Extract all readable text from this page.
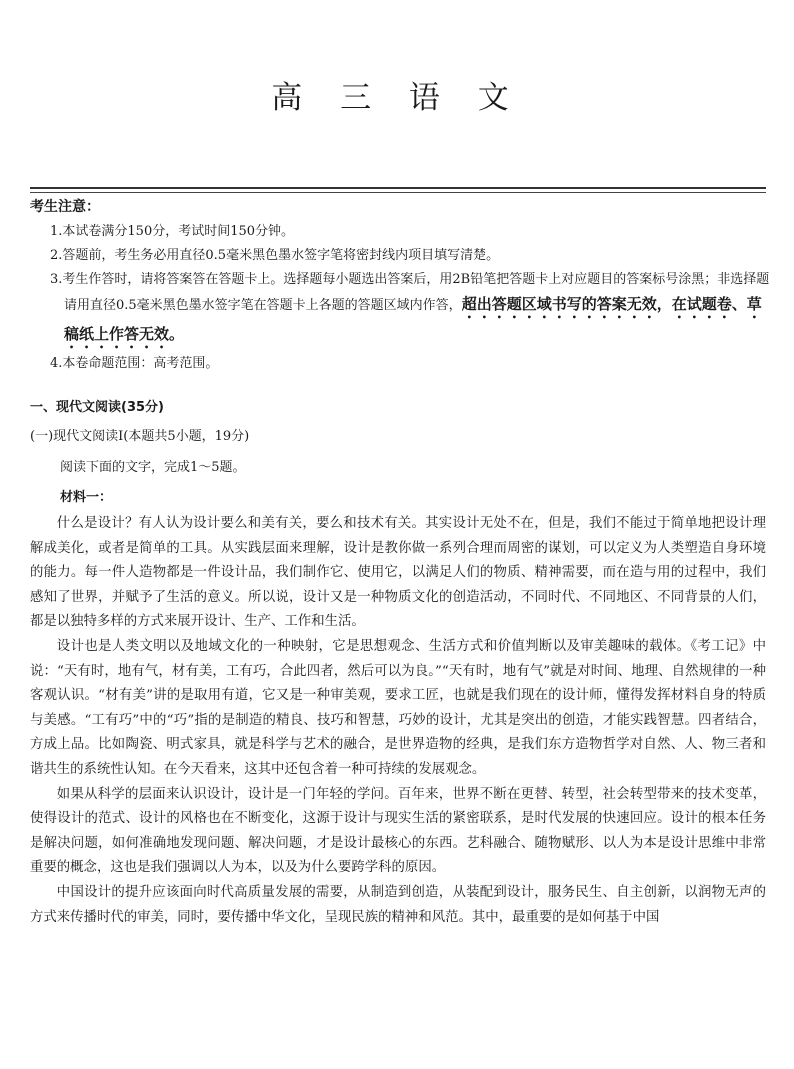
高 三 语 文
考生注意：
1.本试卷满分150分，考试时间150分钟。
2.答题前，考生务必用直径0.5毫米黑色墨水签字笔将密封线内项目填写清楚。
3.考生作答时，请将答案答在答题卡上。选择题每小题选出答案后，用2B铅笔把答题卡上对应题目的答案标号涂黑；非选择题请用直径0.5毫米黑色墨水签字笔在答题卡上各题的答题区域内作答，超出答题区域书写的答案无效，在试题卷、草稿纸上作答无效。
4.本卷命题范围：高考范围。
一、现代文阅读(35分)
(一)现代文阅读Ⅰ(本题共5小题，19分)
阅读下面的文字，完成1～5题。
材料一：

什么是设计？有人认为设计要么和美有关，要么和技术有关。其实设计无处不在，但是，我们不能过于简单地把设计理解成美化，或者是简单的工具。从实践层面来理解，设计是教你做一系列合理而周密的谋划，可以定义为人类塑造自身环境的能力。每一件人造物都是一件设计品，我们制作它、使用它，以满足人们的物质、精神需要，而在造与用的过程中，我们感知了世界，并赋予了生活的意义。所以说，设计又是一种物质文化的创造活动，不同时代、不同地区、不同背景的人们，都是以独特多样的方式来展开设计、生产、工作和生活。

设计也是人类文明以及地域文化的一种映射，它是思想观念、生活方式和价值判断以及审美趣味的载体。《考工记》中说：“天有时，地有气，材有美，工有巧，合此四者，然后可以为良。”“天有时，地有气”就是对时间、地理、自然规律的一种客观认识。“材有美”讲的是取用有道，它又是一种审美观，要求工匠，也就是我们现在的设计师，懂得发挥材料自身的特质与美感。“工有巧”中的“巧”指的是制造的精良、技巧和智慧，巧妙的设计，尤其是突出的创造，才能实践智慧。四者结合，方成上品。比如陶瓷、明式家具，就是科学与艺术的融合，是世界造物的经典，是我们东方造物哲学对自然、人、物三者和谐共生的系统性认知。在今天看来，这其中还包含着一种可持续的发展观念。

如果从科学的层面来认识设计，设计是一门年轻的学问。百年来，世界不断在更替、转型，社会转型带来的技术变革，使得设计的范式、设计的风格也在不断变化，这源于设计与现实生活的紧密联系，是时代发展的快速回应。设计的根本任务是解决问题，如何准确地发现问题、解决问题，才是设计最核心的东西。艺科融合、随物赋形、以人为本是设计思维中非常重要的概念，这也是我们强调以人为本，以及为什么要跨学科的原因。

中国设计的提升应该面向时代高质量发展的需要，从制造到创造，从装配到设计，服务民生、自主创新，以润物无声的方式来传播时代的审美，同时，要传播中华文化，呈现民族的精神和风范。其中，最重要的是如何基于中国
